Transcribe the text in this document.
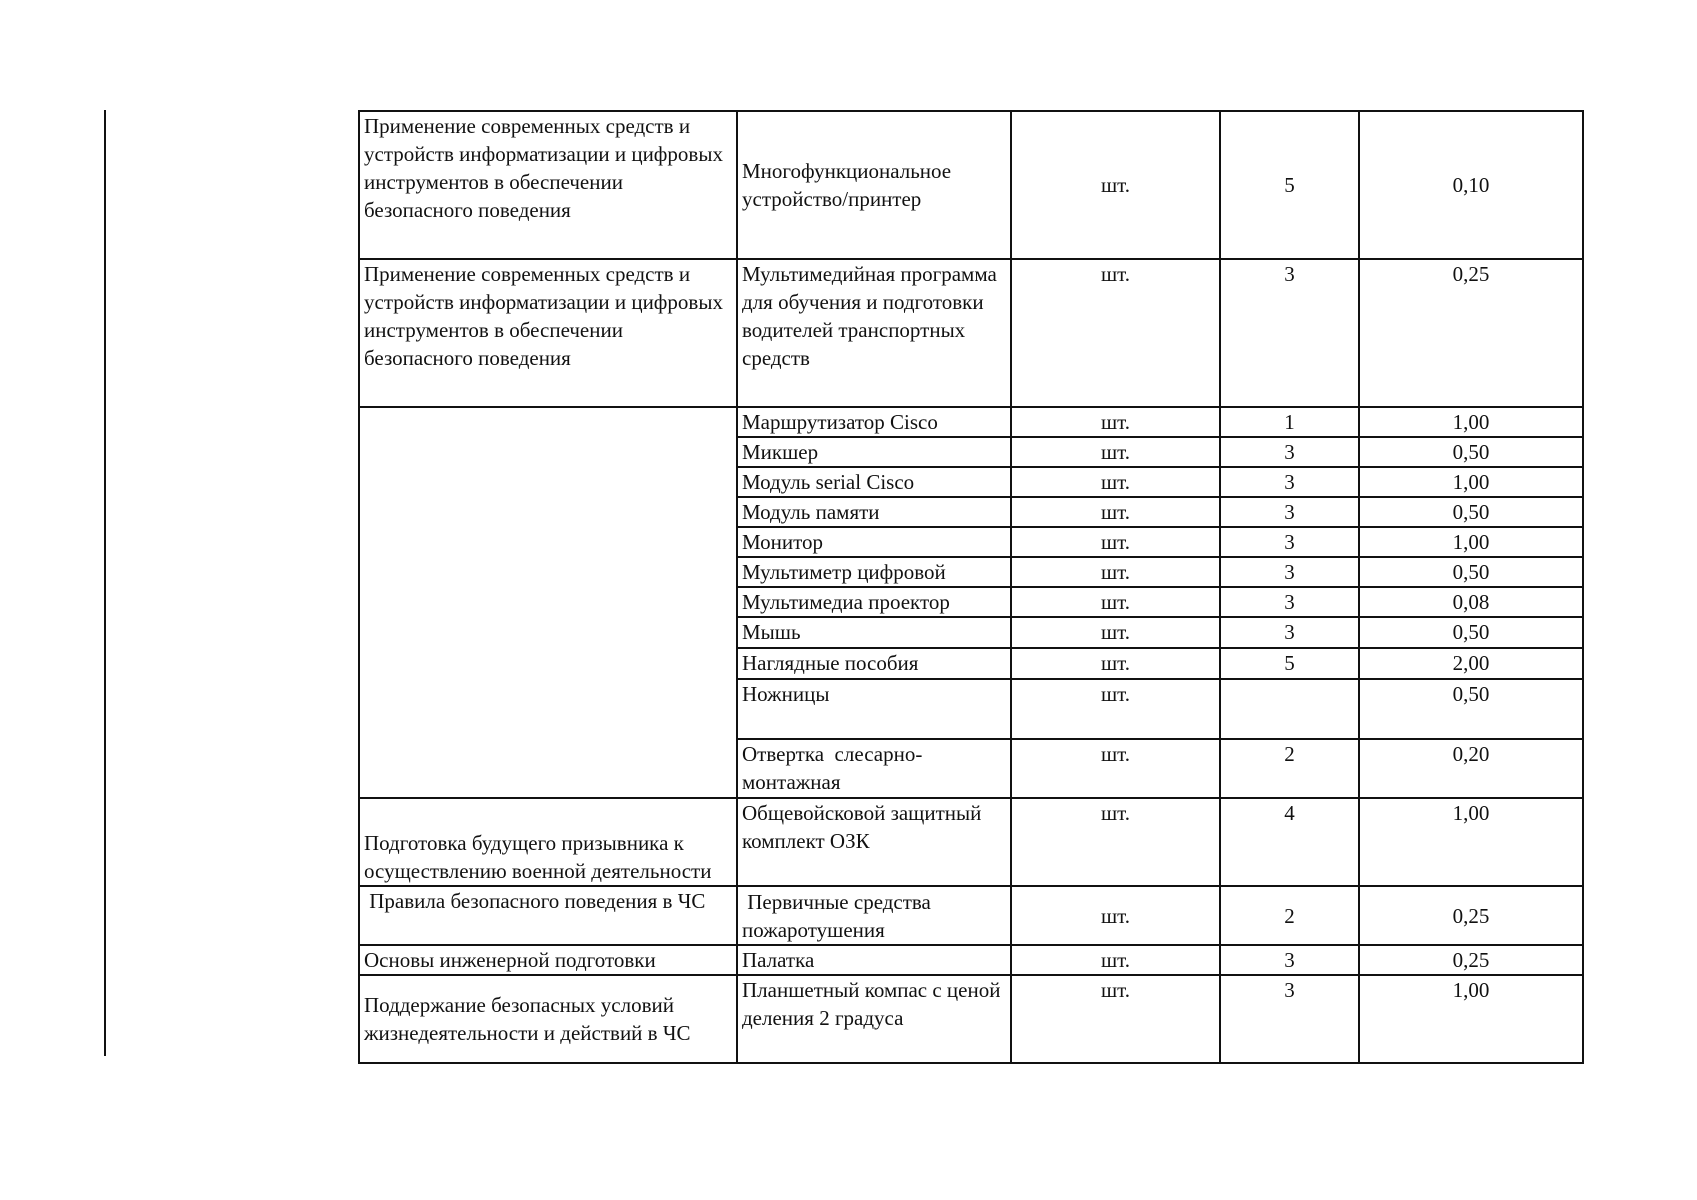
Применение современных средств и устройств информатизации и цифровых инструментов в обеспечении безопасного поведения	Многофункциональное устройство/принтер	шт.	5	0,10
Применение современных средств и устройств информатизации и цифровых инструментов в обеспечении безопасного поведения	Мультимедийная программа для обучения и подготовки водителей транспортных средств	шт.	3	0,25
	Маршрутизатор Cisco	шт.	1	1,00
	Микшер	шт.	3	0,50
	Модуль serial Cisco	шт.	3	1,00
	Модуль памяти	шт.	3	0,50
	Монитор	шт.	3	1,00
	Мультиметр цифровой	шт.	3	0,50
	Мультимедиа проектор	шт.	3	0,08
	Мышь	шт.	3	0,50
	Наглядные пособия	шт.	5	2,00
	Ножницы	шт.		0,50
	Отвертка  слесарно-монтажная	шт.	2	0,20
Подготовка будущего призывника к осуществлению военной деятельности	Общевойсковой защитный комплект ОЗК	шт.	4	1,00
Правила безопасного поведения в ЧС	Первичные средства пожаротушения	шт.	2	0,25
Основы инженерной подготовки	Палатка	шт.	3	0,25
Поддержание безопасных условий жизнедеятельности и действий в ЧС	Планшетный компас с ценой деления 2 градуса	шт.	3	1,00
